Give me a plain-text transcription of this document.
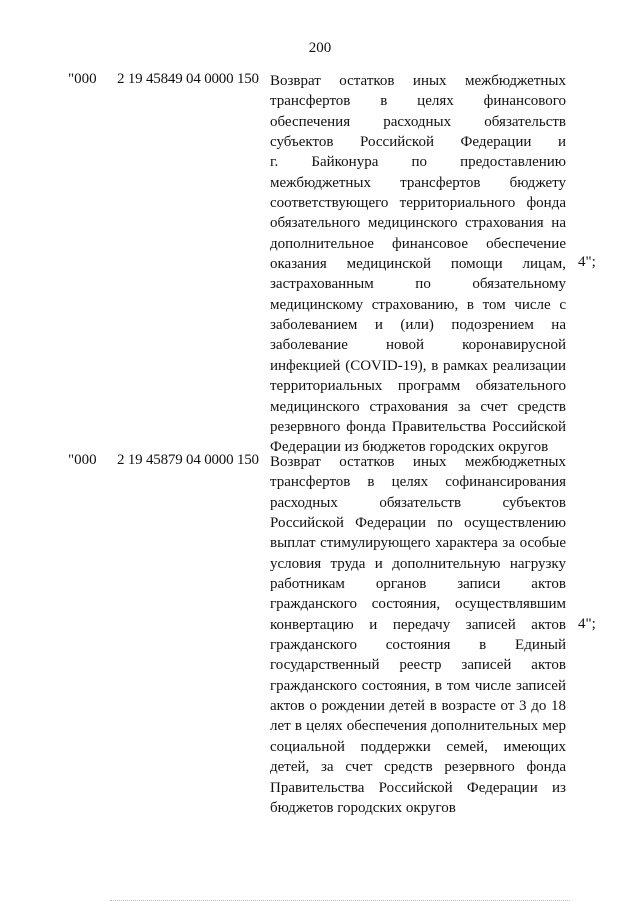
200
"000 2 19 45849 04 0000 150 Возврат остатков иных межбюджетных
трансфертов в целях финансового
обеспечения расходных обязательств
субъектов Российской Федерации и
г. Байконура по предоставлению
межбюджетных трансфертов бюджету
соответствующего территориального фонда
обязательного медицинского страхования на
дополнительное финансовое обеспечение
оказания медицинской помощи лицам,
застрахованным по обязательному
медицинскому страхованию, в том числе с
заболеванием и (или) подозрением на
заболевание новой коронавирусной
инфекцией (COVID-19), в рамках реализации
территориальных программ обязательного
медицинского страхования за счет средств
резервного фонда Правительства Российской
Федерации из бюджетов городских округов
4";
"000 2 19 45879 04 0000 150 Возврат остатков иных межбюджетных
трансфертов в целях софинансирования
расходных обязательств субъектов
Российской Федерации по осуществлению
выплат стимулирующего характера за особые
условия труда и дополнительную нагрузку
работникам органов записи актов
гражданского состояния, осуществлявшим
конвертацию и передачу записей актов
гражданского состояния в Единый
государственный реестр записей актов
гражданского состояния, в том числе записей
актов о рождении детей в возрасте от 3 до 18
лет в целях обеспечения дополнительных мер
социальной поддержки семей, имеющих
детей, за счет средств резервного фонда
Правительства Российской Федерации из
бюджетов городских округов
4";
